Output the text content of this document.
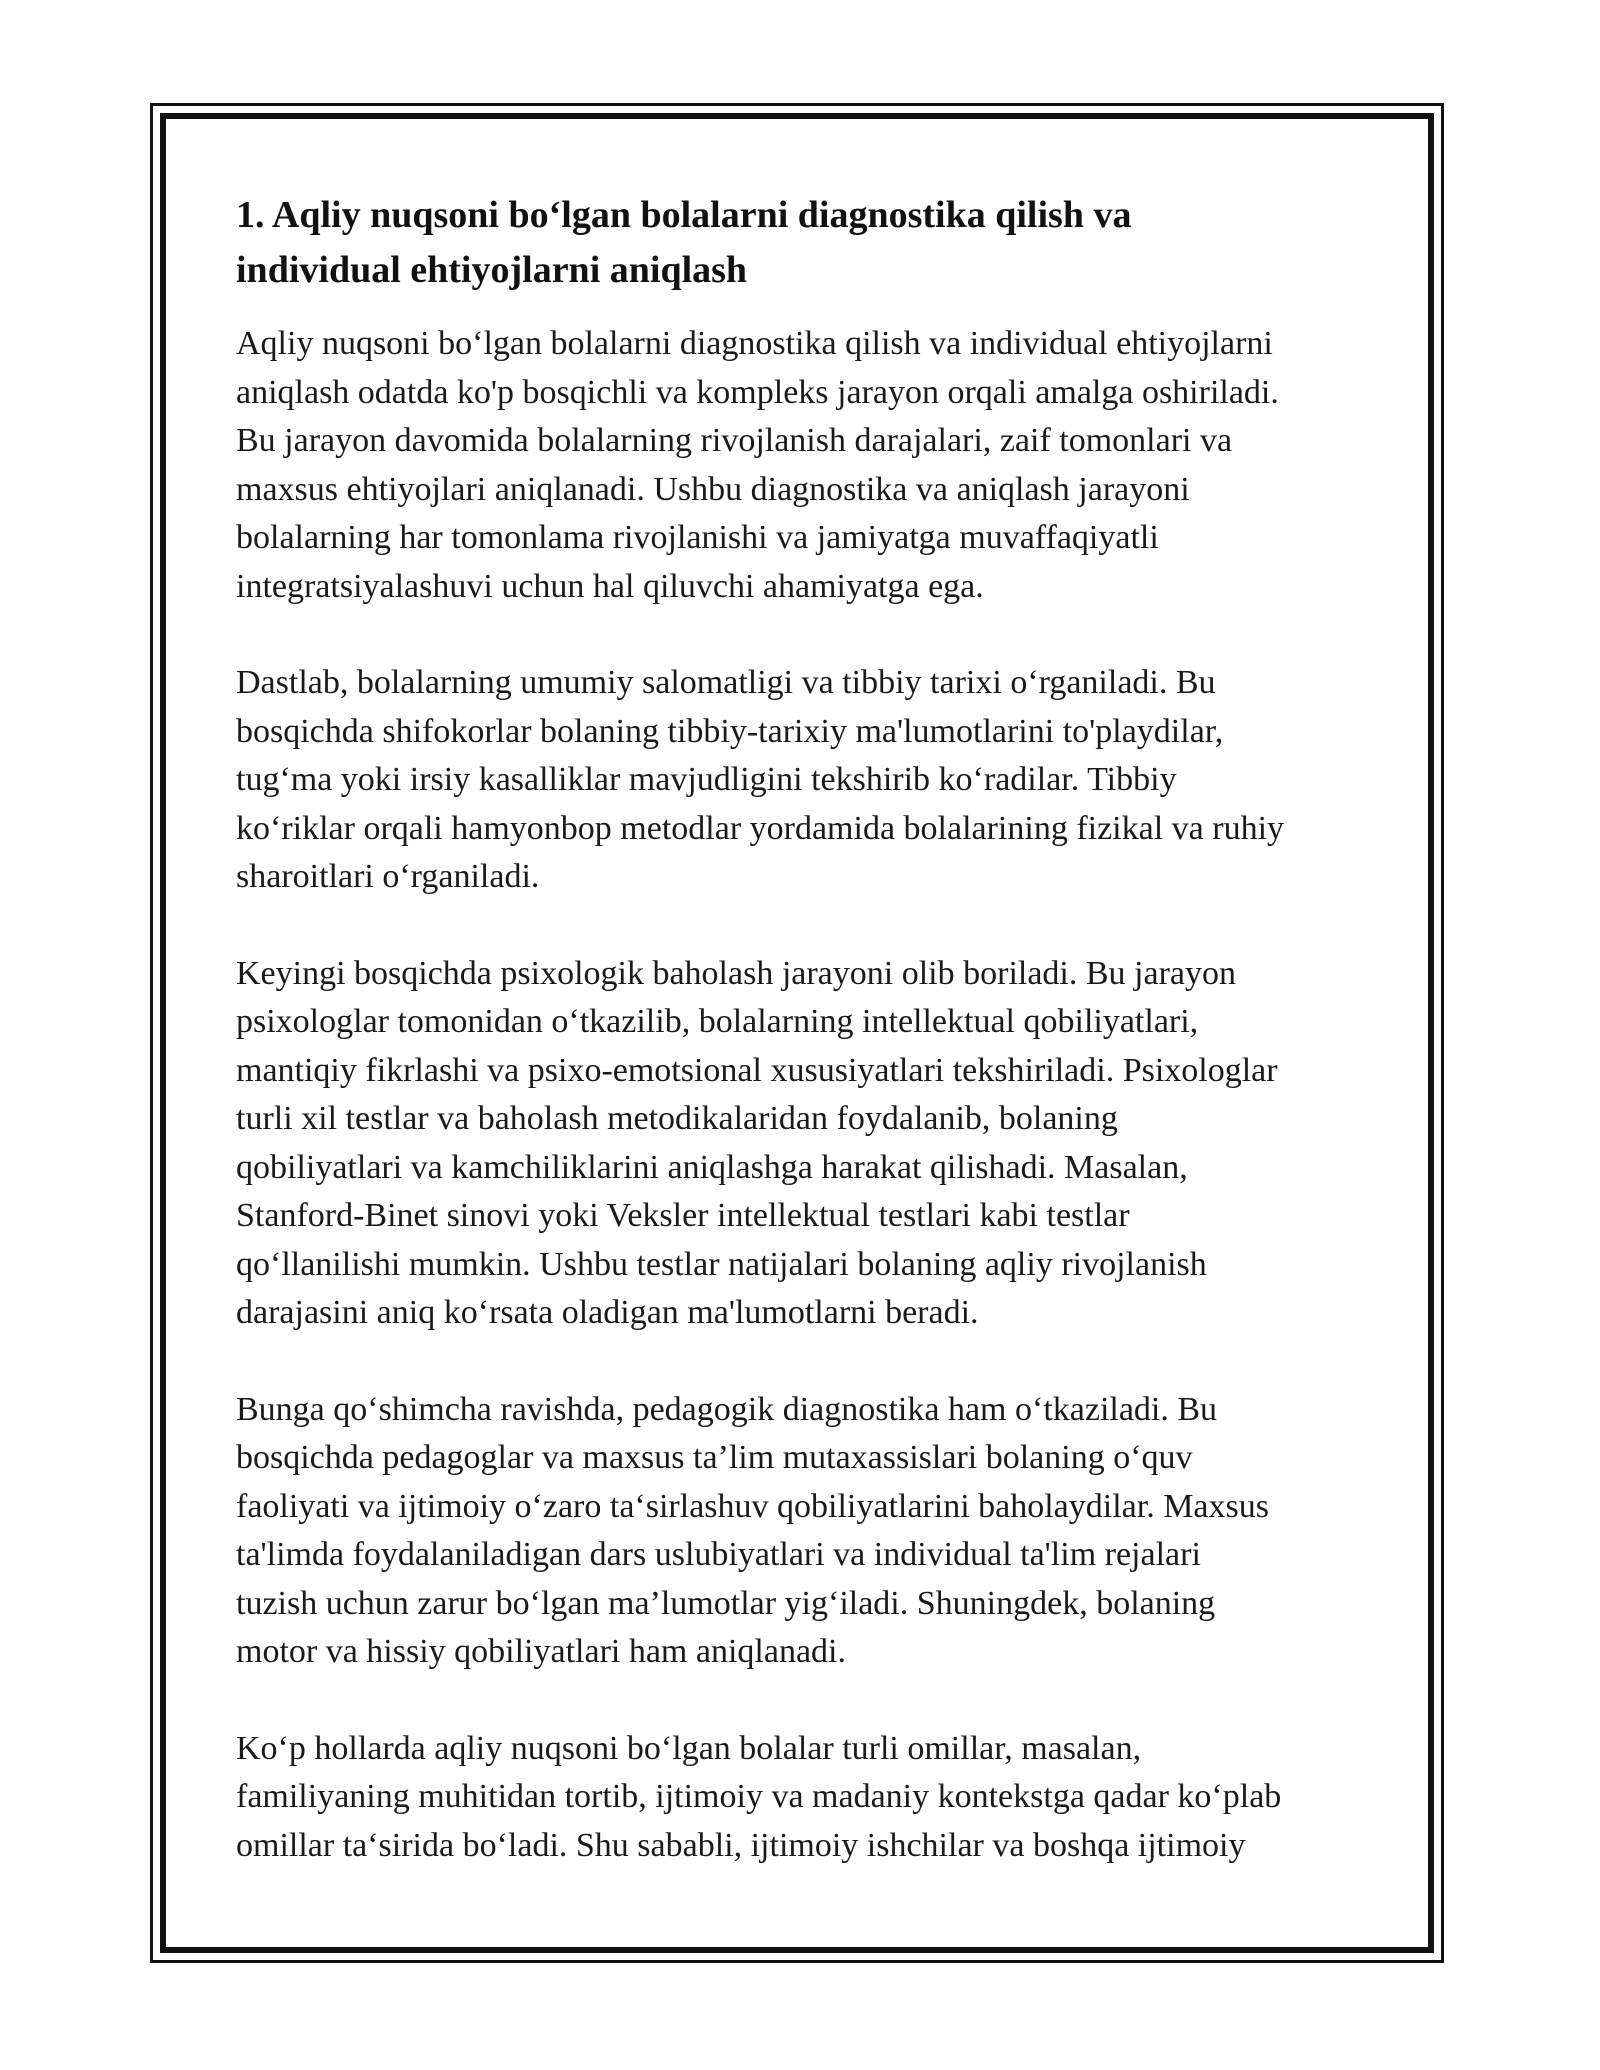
1. Aqliy nuqsoni bo‘lgan bolalarni diagnostika qilish va
individual ehtiyojlarni aniqlash

Aqliy nuqsoni bo‘lgan bolalarni diagnostika qilish va individual ehtiyojlarni
aniqlash odatda ko'p bosqichli va kompleks jarayon orqali amalga oshiriladi.
Bu jarayon davomida bolalarning rivojlanish darajalari, zaif tomonlari va
maxsus ehtiyojlari aniqlanadi. Ushbu diagnostika va aniqlash jarayoni
bolalarning har tomonlama rivojlanishi va jamiyatga muvaffaqiyatli
integratsiyalashuvi uchun hal qiluvchi ahamiyatga ega.

Dastlab, bolalarning umumiy salomatligi va tibbiy tarixi o‘rganiladi. Bu
bosqichda shifokorlar bolaning tibbiy-tarixiy ma'lumotlarini to'playdilar,
tug‘ma yoki irsiy kasalliklar mavjudligini tekshirib ko‘radilar. Tibbiy
ko‘riklar orqali hamyonbop metodlar yordamida bolalarining fizikal va ruhiy
sharoitlari o‘rganiladi.

Keyingi bosqichda psixologik baholash jarayoni olib boriladi. Bu jarayon
psixologlar tomonidan o‘tkazilib, bolalarning intellektual qobiliyatlari,
mantiqiy fikrlashi va psixo-emotsional xususiyatlari tekshiriladi. Psixologlar
turli xil testlar va baholash metodikalaridan foydalanib, bolaning
qobiliyatlari va kamchiliklarini aniqlashga harakat qilishadi. Masalan,
Stanford-Binet sinovi yoki Veksler intellektual testlari kabi testlar
qo‘llanilishi mumkin. Ushbu testlar natijalari bolaning aqliy rivojlanish
darajasini aniq ko‘rsata oladigan ma'lumotlarni beradi.

Bunga qo‘shimcha ravishda, pedagogik diagnostika ham o‘tkaziladi. Bu
bosqichda pedagoglar va maxsus ta’lim mutaxassislari bolaning o‘quv
faoliyati va ijtimoiy o‘zaro ta‘sirlashuv qobiliyatlarini baholaydilar. Maxsus
ta'limda foydalaniladigan dars uslubiyatlari va individual ta'lim rejalari
tuzish uchun zarur bo‘lgan ma’lumotlar yig‘iladi. Shuningdek, bolaning
motor va hissiy qobiliyatlari ham aniqlanadi.

Ko‘p hollarda aqliy nuqsoni bo‘lgan bolalar turli omillar, masalan,
familiyaning muhitidan tortib, ijtimoiy va madaniy kontekstga qadar ko‘plab
omillar ta‘sirida bo‘ladi. Shu sababli, ijtimoiy ishchilar va boshqa ijtimoiy
